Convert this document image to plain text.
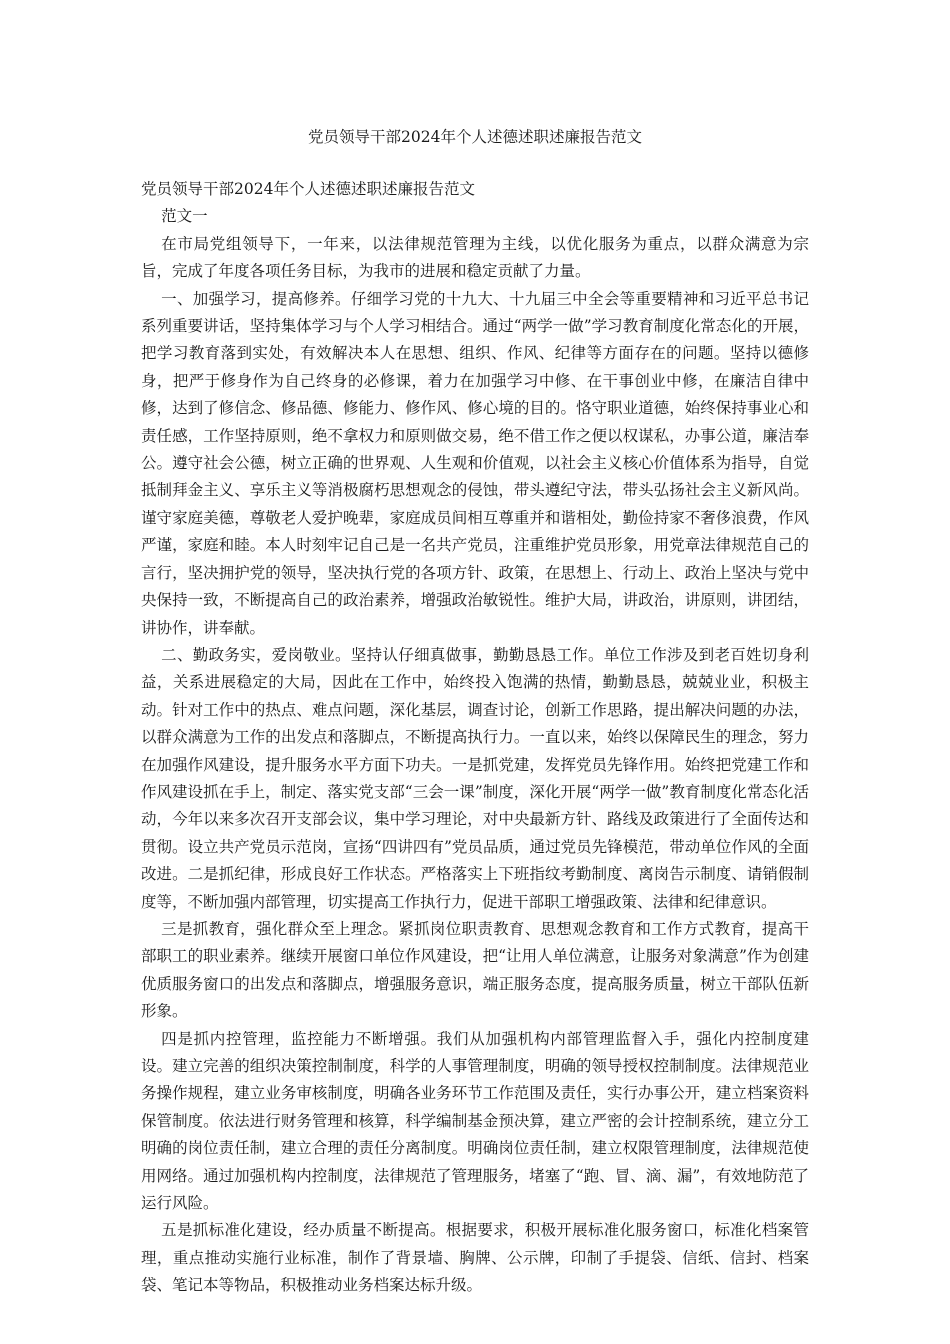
党员领导干部2024年个人述德述职述廉报告范文

党员领导干部2024年个人述德述职述廉报告范文

范文一

在市局党组领导下，一年来，以法律规范管理为主线，以优化服务为重点，以群众满意为宗旨，完成了年度各项任务目标，为我市的进展和稳定贡献了力量。

一、加强学习，提高修养。仔细学习党的十九大、十九届三中全会等重要精神和习近平总书记系列重要讲话，坚持集体学习与个人学习相结合。通过“两学一做”学习教育制度化常态化的开展，把学习教育落到实处，有效解决本人在思想、组织、作风、纪律等方面存在的问题。坚持以德修身，把严于修身作为自己终身的必修课，着力在加强学习中修、在干事创业中修，在廉洁自律中修，达到了修信念、修品德、修能力、修作风、修心境的目的。恪守职业道德，始终保持事业心和责任感，工作坚持原则，绝不拿权力和原则做交易，绝不借工作之便以权谋私，办事公道，廉洁奉公。遵守社会公德，树立正确的世界观、人生观和价值观，以社会主义核心价值体系为指导，自觉抵制拜金主义、享乐主义等消极腐朽思想观念的侵蚀，带头遵纪守法，带头弘扬社会主义新风尚。谨守家庭美德，尊敬老人爱护晚辈，家庭成员间相互尊重并和谐相处，勤俭持家不奢侈浪费，作风严谨，家庭和睦。本人时刻牢记自己是一名共产党员，注重维护党员形象，用党章法律规范自己的言行，坚决拥护党的领导，坚决执行党的各项方针、政策，在思想上、行动上、政治上坚决与党中央保持一致，不断提高自己的政治素养，增强政治敏锐性。维护大局，讲政治，讲原则，讲团结，讲协作，讲奉献。

二、勤政务实，爱岗敬业。坚持认仔细真做事，勤勤恳恳工作。单位工作涉及到老百姓切身利益，关系进展稳定的大局，因此在工作中，始终投入饱满的热情，勤勤恳恳，兢兢业业，积极主动。针对工作中的热点、难点问题，深化基层，调查讨论，创新工作思路，提出解决问题的办法，以群众满意为工作的出发点和落脚点，不断提高执行力。一直以来，始终以保障民生的理念，努力在加强作风建设，提升服务水平方面下功夫。一是抓党建，发挥党员先锋作用。始终把党建工作和作风建设抓在手上，制定、落实党支部“三会一课”制度，深化开展“两学一做”教育制度化常态化活动，今年以来多次召开支部会议，集中学习理论，对中央最新方针、路线及政策进行了全面传达和贯彻。设立共产党员示范岗，宣扬“四讲四有”党员品质，通过党员先锋模范，带动单位作风的全面改进。二是抓纪律，形成良好工作状态。严格落实上下班指纹考勤制度、离岗告示制度、请销假制度等，不断加强内部管理，切实提高工作执行力，促进干部职工增强政策、法律和纪律意识。

三是抓教育，强化群众至上理念。紧抓岗位职责教育、思想观念教育和工作方式教育，提高干部职工的职业素养。继续开展窗口单位作风建设，把“让用人单位满意，让服务对象满意”作为创建优质服务窗口的出发点和落脚点，增强服务意识，端正服务态度，提高服务质量，树立干部队伍新形象。

四是抓内控管理，监控能力不断增强。我们从加强机构内部管理监督入手，强化内控制度建设。建立完善的组织决策控制制度，科学的人事管理制度，明确的领导授权控制制度。法律规范业务操作规程，建立业务审核制度，明确各业务环节工作范围及责任，实行办事公开，建立档案资料保管制度。依法进行财务管理和核算，科学编制基金预决算，建立严密的会计控制系统，建立分工明确的岗位责任制，建立合理的责任分离制度。明确岗位责任制，建立权限管理制度，法律规范使用网络。通过加强机构内控制度，法律规范了管理服务，堵塞了“跑、冒、滴、漏”，有效地防范了运行风险。

五是抓标准化建设，经办质量不断提高。根据要求，积极开展标准化服务窗口，标准化档案管理，重点推动实施行业标准，制作了背景墙、胸牌、公示牌，印制了手提袋、信纸、信封、档案袋、笔记本等物品，积极推动业务档案达标升级。
